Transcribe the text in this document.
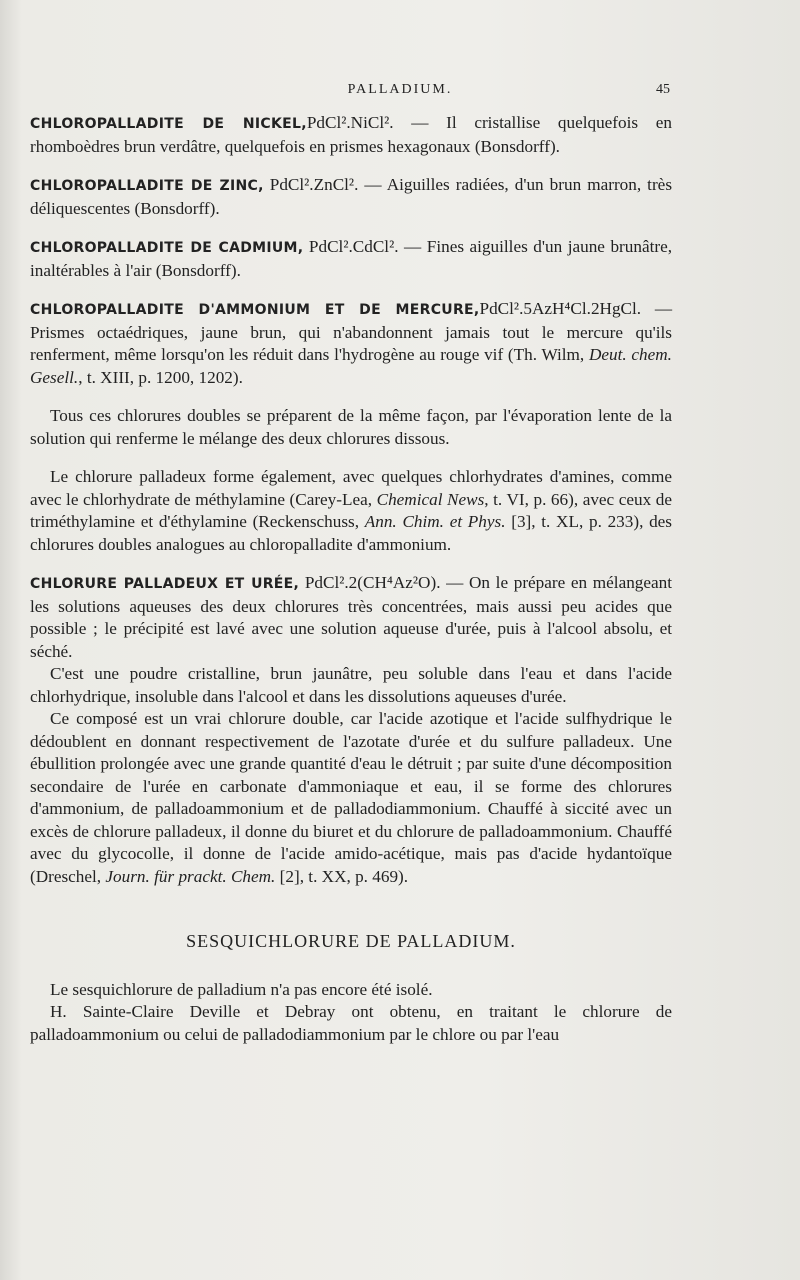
PALLADIUM.	45

CHLOROPALLADITE DE NICKEL,PdCl².NiCl². — Il cristallise quelquefois en rhomboèdres brun verdâtre, quelquefois en prismes hexagonaux (Bonsdorff).

CHLOROPALLADITE DE ZINC, PdCl².ZnCl². — Aiguilles radiées, d'un brun marron, très déliquescentes (Bonsdorff).

CHLOROPALLADITE DE CADMIUM, PdCl².CdCl². — Fines aiguilles d'un jaune brunâtre, inaltérables à l'air (Bonsdorff).

CHLOROPALLADITE D'AMMONIUM ET DE MERCURE,PdCl².5AzH⁴Cl.2HgCl. — Prismes octaédriques, jaune brun, qui n'abandonnent jamais tout le mercure qu'ils renferment, même lorsqu'on les réduit dans l'hydrogène au rouge vif (Th. Wilm, Deut. chem. Gesell., t. XIII, p. 1200, 1202).

Tous ces chlorures doubles se préparent de la même façon, par l'évaporation lente de la solution qui renferme le mélange des deux chlorures dissous.

Le chlorure palladeux forme également, avec quelques chlorhydrates d'amines, comme avec le chlorhydrate de méthylamine (Carey-Lea, Chemical News, t. VI, p. 66), avec ceux de triméthylamine et d'éthylamine (Reckenschuss, Ann. Chim. et Phys. [3], t. XL, p. 233), des chlorures doubles analogues au chloropalladite d'ammonium.

CHLORURE PALLADEUX ET URÉE, PdCl².2(CH⁴Az²O). — On le prépare en mélangeant les solutions aqueuses des deux chlorures très concentrées, mais aussi peu acides que possible ; le précipité est lavé avec une solution aqueuse d'urée, puis à l'alcool absolu, et séché.

C'est une poudre cristalline, brun jaunâtre, peu soluble dans l'eau et dans l'acide chlorhydrique, insoluble dans l'alcool et dans les dissolutions aqueuses d'urée.

Ce composé est un vrai chlorure double, car l'acide azotique et l'acide sulfhydrique le dédoublent en donnant respectivement de l'azotate d'urée et du sulfure palladeux. Une ébullition prolongée avec une grande quantité d'eau le détruit ; par suite d'une décomposition secondaire de l'urée en carbonate d'ammoniaque et eau, il se forme des chlorures d'ammonium, de palladoammonium et de palladodiammonium. Chauffé à siccité avec un excès de chlorure palladeux, il donne du biuret et du chlorure de palladoammonium. Chauffé avec du glycocolle, il donne de l'acide amido-acétique, mais pas d'acide hydantoïque (Dreschel, Journ. für prackt. Chem. [2], t. XX, p. 469).

SESQUICHLORURE DE PALLADIUM.

Le sesquichlorure de palladium n'a pas encore été isolé.

H. Sainte-Claire Deville et Debray ont obtenu, en traitant le chlorure de palladoammonium ou celui de palladodiammonium par le chlore ou par l'eau
